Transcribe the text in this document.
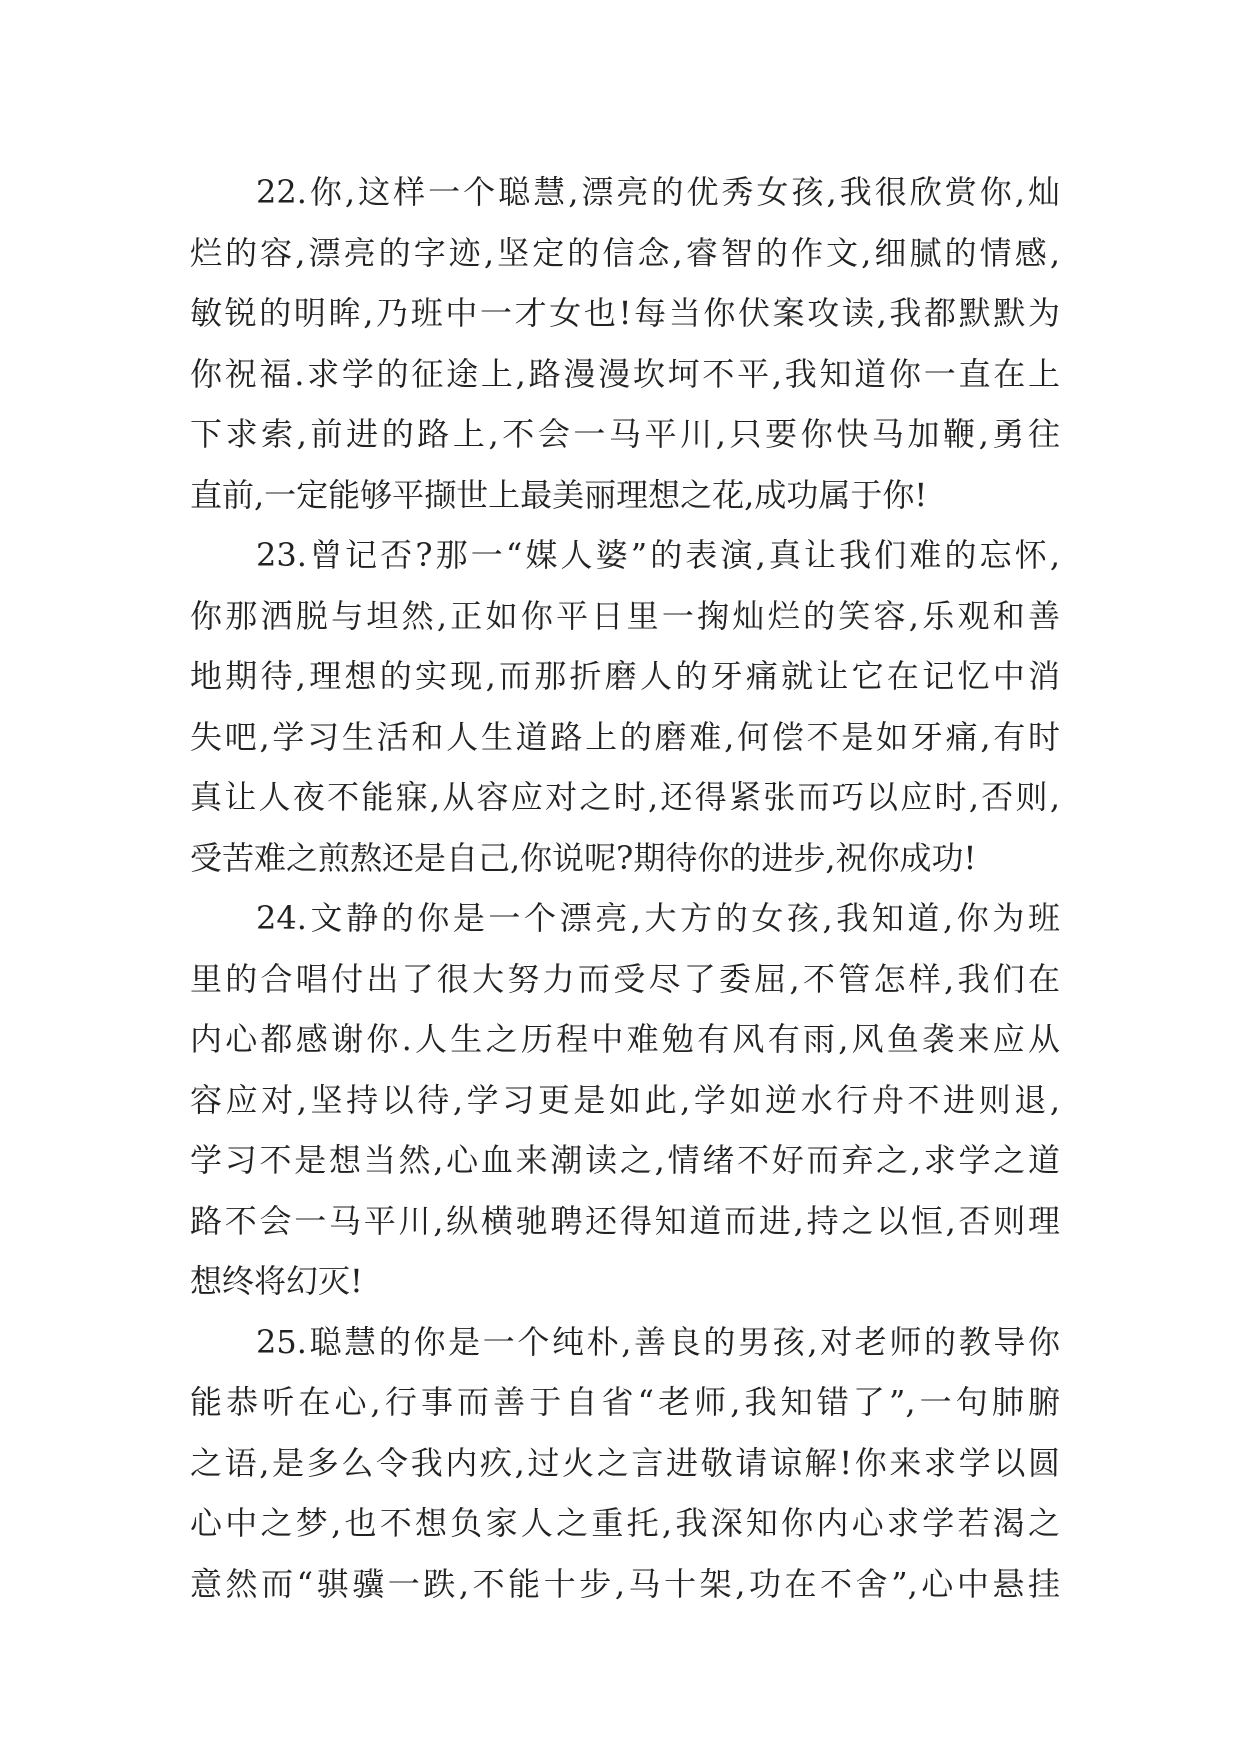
22.你,这样一个聪慧,漂亮的优秀女孩,我很欣赏你,灿
烂的容,漂亮的字迹,坚定的信念,睿智的作文,细腻的情感,
敏锐的明眸,乃班中一才女也!每当你伏案攻读,我都默默为
你祝福.求学的征途上,路漫漫坎坷不平,我知道你一直在上
下求索,前进的路上,不会一马平川,只要你快马加鞭,勇往
直前,一定能够平撷世上最美丽理想之花,成功属于你!
23.曾记否?那一“媒人婆”的表演,真让我们难的忘怀,
你那洒脱与坦然,正如你平日里一掬灿烂的笑容,乐观和善
地期待,理想的实现,而那折磨人的牙痛就让它在记忆中消
失吧,学习生活和人生道路上的磨难,何偿不是如牙痛,有时
真让人夜不能寐,从容应对之时,还得紧张而巧以应时,否则,
受苦难之煎熬还是自己,你说呢?期待你的进步,祝你成功!
24.文静的你是一个漂亮,大方的女孩,我知道,你为班
里的合唱付出了很大努力而受尽了委屈,不管怎样,我们在
内心都感谢你.人生之历程中难勉有风有雨,风鱼袭来应从
容应对,坚持以待,学习更是如此,学如逆水行舟不进则退,
学习不是想当然,心血来潮读之,情绪不好而弃之,求学之道
路不会一马平川,纵横驰聘还得知道而进,持之以恒,否则理
想终将幻灭!
25.聪慧的你是一个纯朴,善良的男孩,对老师的教导你
能恭听在心,行事而善于自省“老师,我知错了”,一句肺腑
之语,是多么令我内疚,过火之言进敬请谅解!你来求学以圆
心中之梦,也不想负家人之重托,我深知你内心求学若渴之
意然而“骐骥一跌,不能十步,马十架,功在不舍”,心中悬挂
